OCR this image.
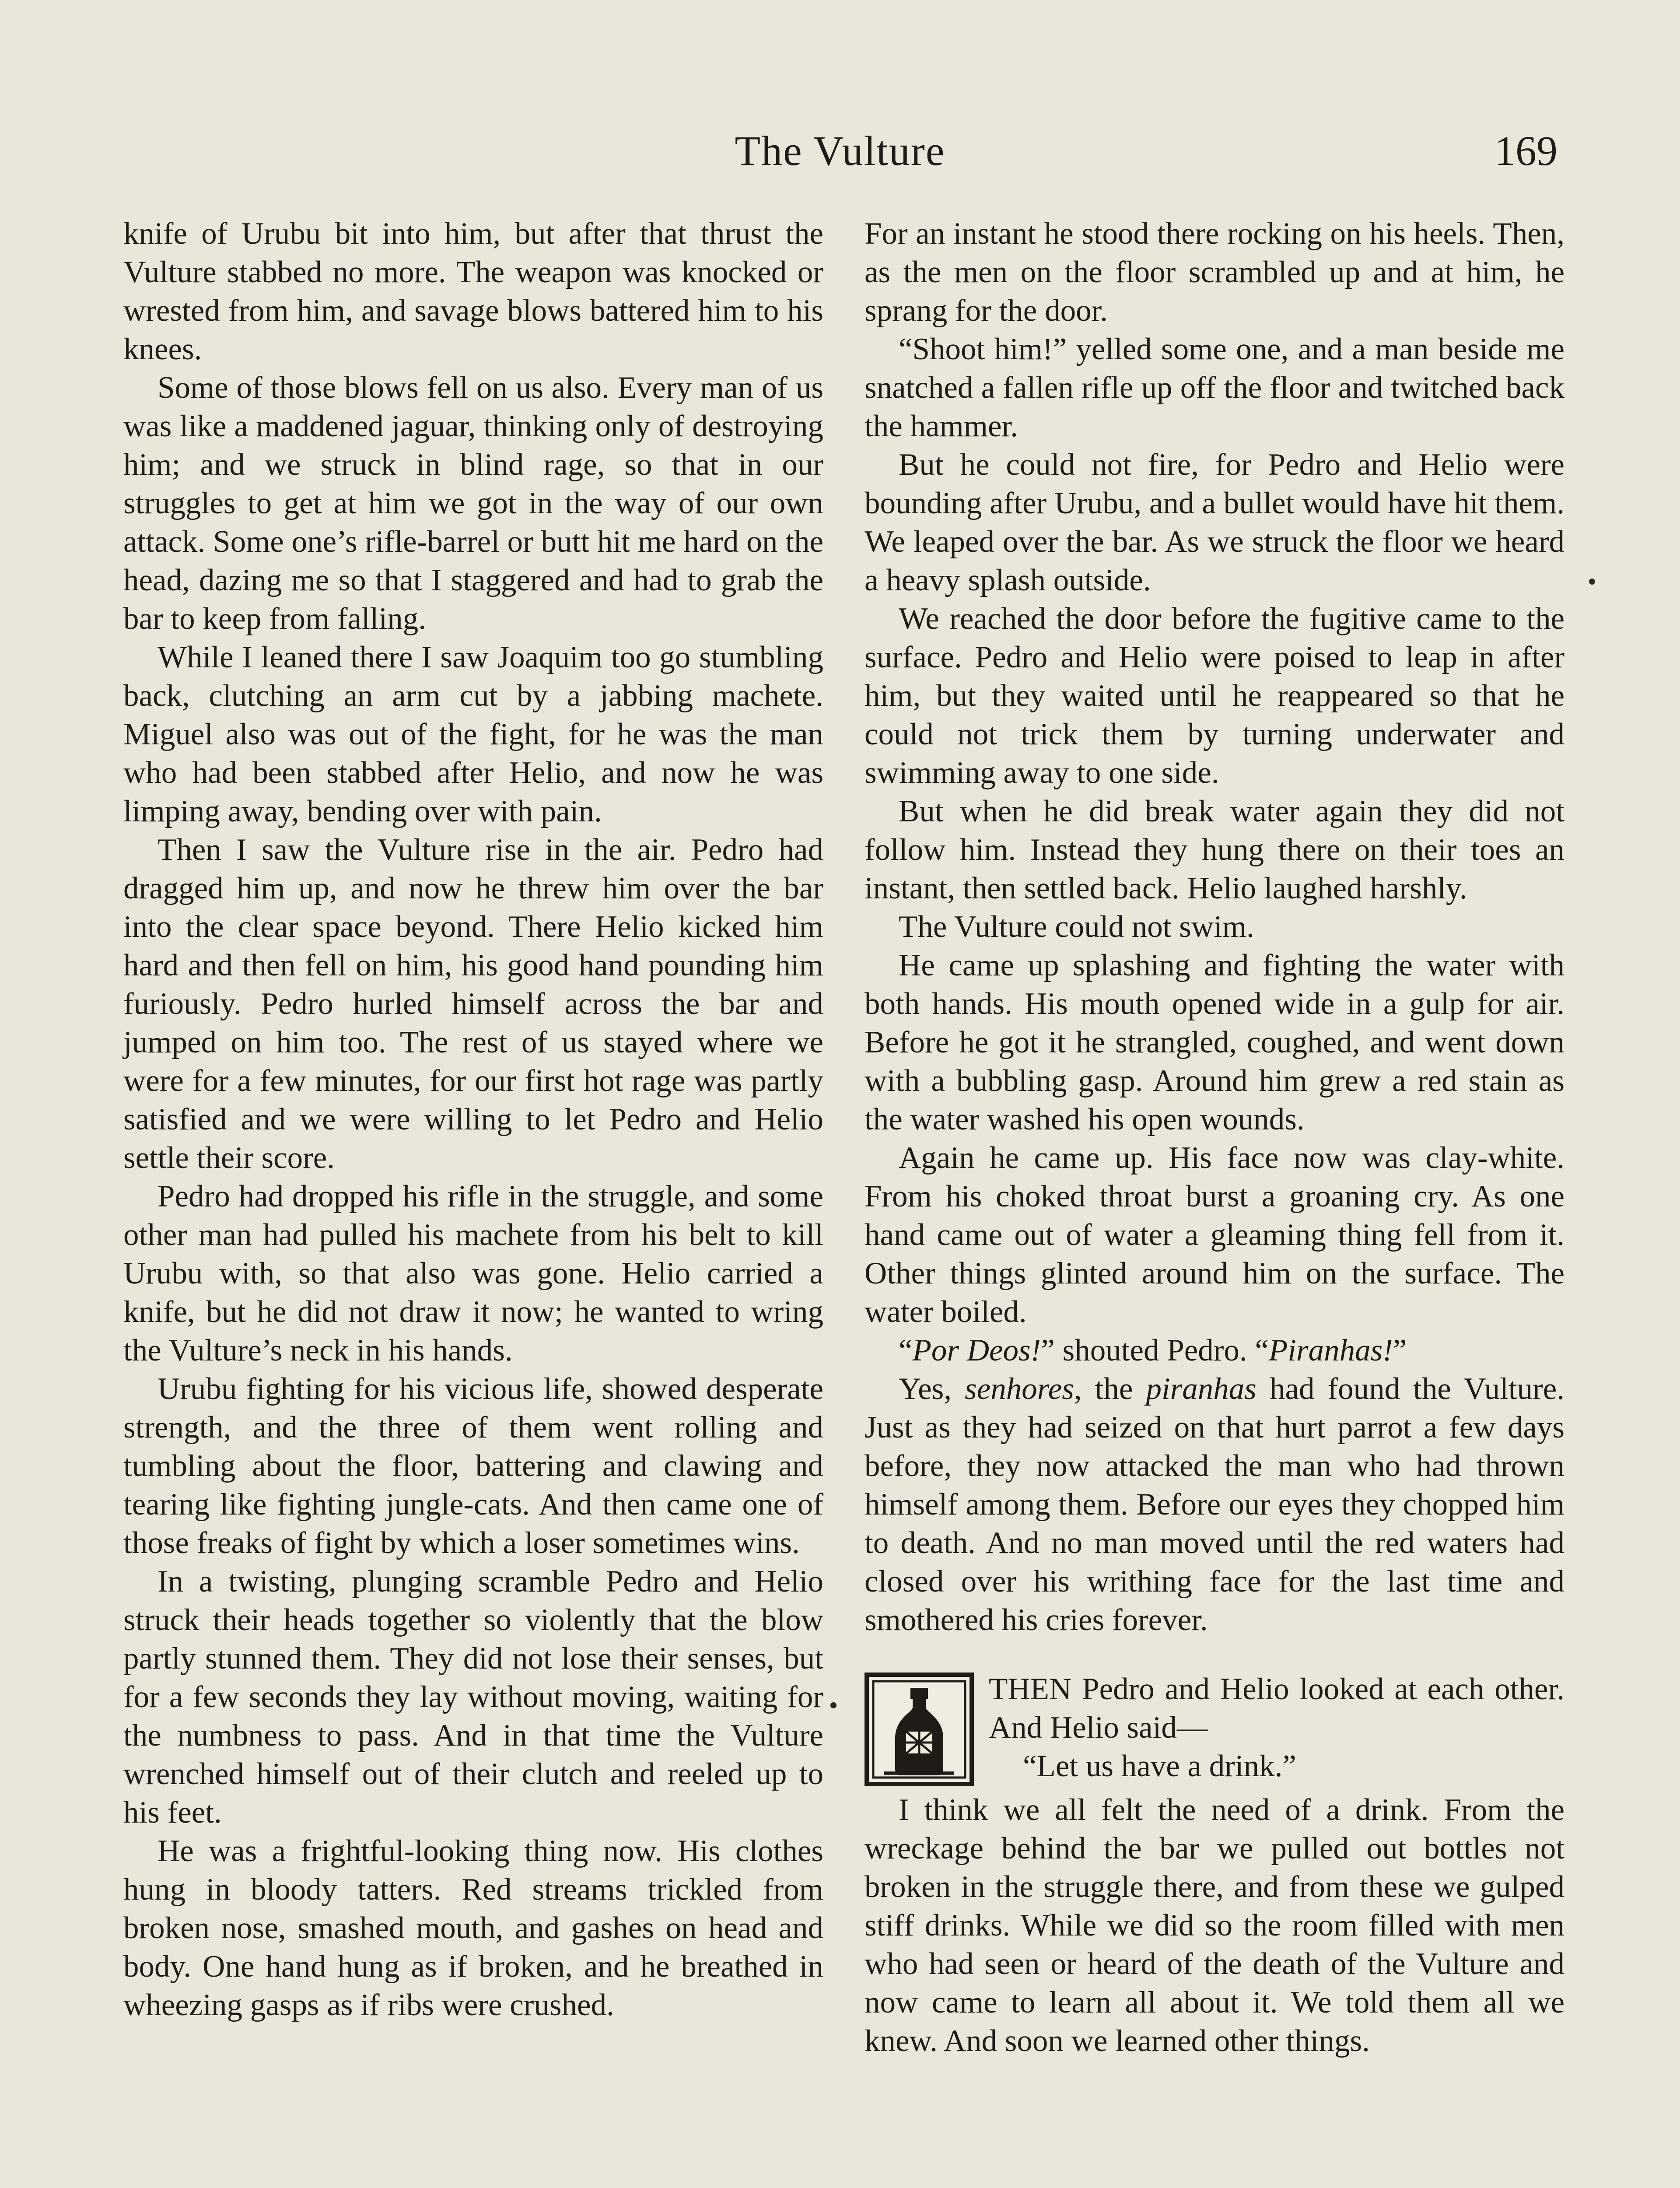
The Vulture	169

knife of Urubu bit into him, but after that thrust the Vulture stabbed no more. The weapon was knocked or wrested from him, and savage blows battered him to his knees.

Some of those blows fell on us also. Every man of us was like a maddened jaguar, thinking only of destroying him; and we struck in blind rage, so that in our struggles to get at him we got in the way of our own attack. Some one’s rifle-barrel or butt hit me hard on the head, dazing me so that I staggered and had to grab the bar to keep from falling.

While I leaned there I saw Joaquim too go stumbling back, clutching an arm cut by a jabbing machete. Miguel also was out of the fight, for he was the man who had been stabbed after Helio, and now he was limping away, bending over with pain.

Then I saw the Vulture rise in the air. Pedro had dragged him up, and now he threw him over the bar into the clear space beyond. There Helio kicked him hard and then fell on him, his good hand pounding him furiously. Pedro hurled himself across the bar and jumped on him too. The rest of us stayed where we were for a few minutes, for our first hot rage was partly satisfied and we were willing to let Pedro and Helio settle their score.

Pedro had dropped his rifle in the struggle, and some other man had pulled his machete from his belt to kill Urubu with, so that also was gone. Helio carried a knife, but he did not draw it now; he wanted to wring the Vulture’s neck in his hands.

Urubu fighting for his vicious life, showed desperate strength, and the three of them went rolling and tumbling about the floor, battering and clawing and tearing like fighting jungle-cats. And then came one of those freaks of fight by which a loser sometimes wins.

In a twisting, plunging scramble Pedro and Helio struck their heads together so violently that the blow partly stunned them. They did not lose their senses, but for a few seconds they lay without moving, waiting for the numbness to pass. And in that time the Vulture wrenched himself out of their clutch and reeled up to his feet.

He was a frightful-looking thing now. His clothes hung in bloody tatters. Red streams trickled from broken nose, smashed mouth, and gashes on head and body. One hand hung as if broken, and he breathed in wheezing gasps as if ribs were crushed.

For an instant he stood there rocking on his heels. Then, as the men on the floor scrambled up and at him, he sprang for the door.

“Shoot him!” yelled some one, and a man beside me snatched a fallen rifle up off the floor and twitched back the hammer.

But he could not fire, for Pedro and Helio were bounding after Urubu, and a bullet would have hit them. We leaped over the bar. As we struck the floor we heard a heavy splash outside.

We reached the door before the fugitive came to the surface. Pedro and Helio were poised to leap in after him, but they waited until he reappeared so that he could not trick them by turning underwater and swimming away to one side.

But when he did break water again they did not follow him. Instead they hung there on their toes an instant, then settled back. Helio laughed harshly.

The Vulture could not swim.

He came up splashing and fighting the water with both hands. His mouth opened wide in a gulp for air. Before he got it he strangled, coughed, and went down with a bubbling gasp. Around him grew a red stain as the water washed his open wounds.

Again he came up. His face now was clay-white. From his choked throat burst a groaning cry. As one hand came out of water a gleaming thing fell from it. Other things glinted around him on the surface. The water boiled.

“Por Deos!” shouted Pedro. “Piranhas!”

Yes, senhores, the piranhas had found the Vulture. Just as they had seized on that hurt parrot a few days before, they now attacked the man who had thrown himself among them. Before our eyes they chopped him to death. And no man moved until the red waters had closed over his writhing face for the last time and smothered his cries forever.

THEN Pedro and Helio looked at each other. And Helio said—

“Let us have a drink.”

I think we all felt the need of a drink. From the wreckage behind the bar we pulled out bottles not broken in the struggle there, and from these we gulped stiff drinks. While we did so the room filled with men who had seen or heard of the death of the Vulture and now came to learn all about it. We told them all we knew. And soon we learned other things.
